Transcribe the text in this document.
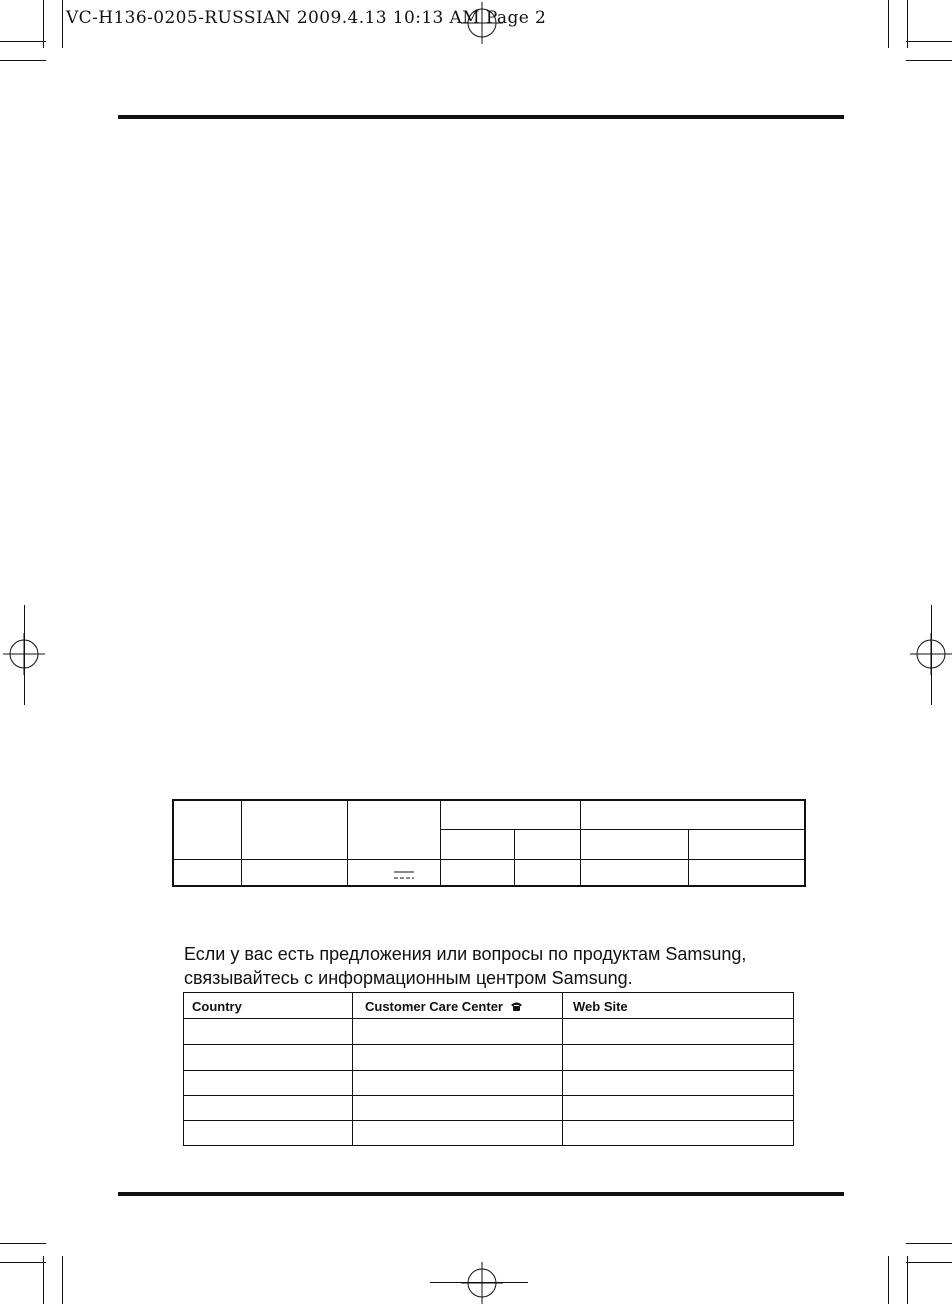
VC-H136-0205-RUSSIAN 2009.4.13 10:13 AM Page 2

Если у вас есть предложения или вопросы по продуктам Samsung,

связывайтесь с информационным центром Samsung.

Country	Customer Care Center	Web Site
